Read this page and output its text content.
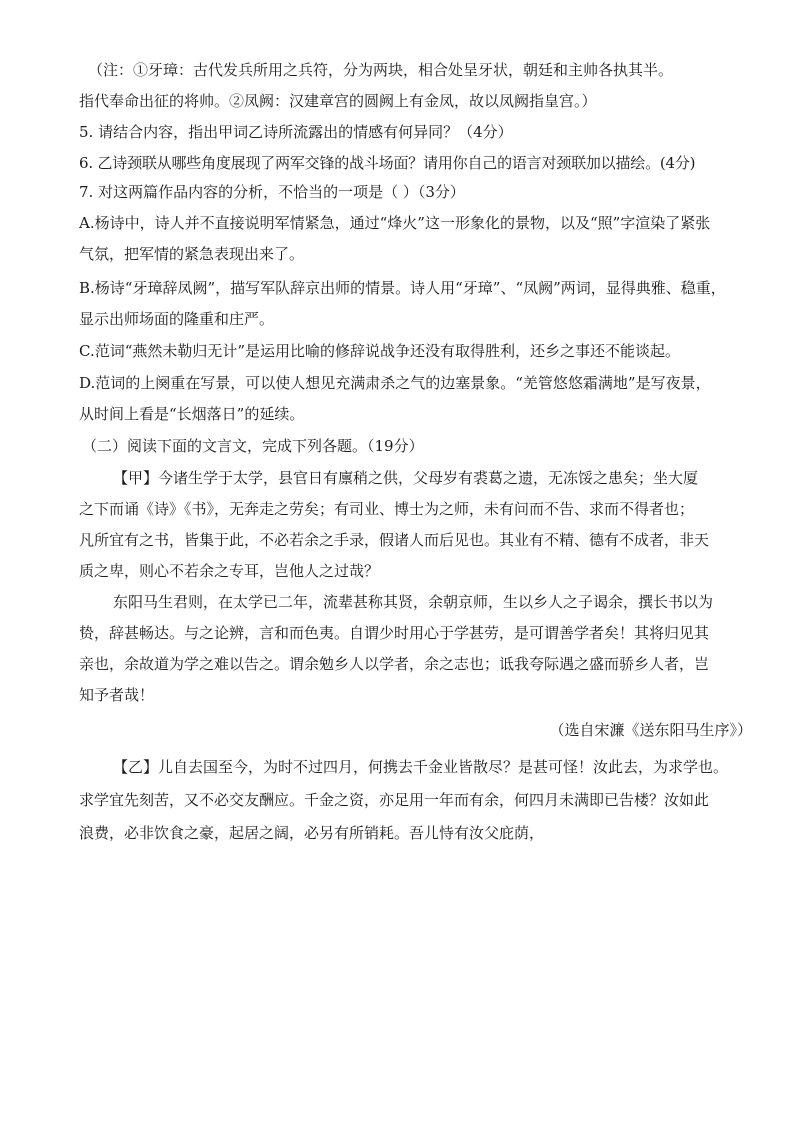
（注：①牙璋：古代发兵所用之兵符，分为两块，相合处呈牙状，朝廷和主帅各执其半。
指代奉命出征的将帅。②凤阙：汉建章宫的圆阙上有金凤，故以凤阙指皇宫。）
5. 请结合内容，指出甲词乙诗所流露出的情感有何异同？（4分）
6. 乙诗颈联从哪些角度展现了两军交锋的战斗场面？请用你自己的语言对颈联加以描绘。(4分)
7. 对这两篇作品内容的分析，不恰当的一项是（ ）（3分）
A.杨诗中，诗人并不直接说明军情紧急，通过“烽火”这一形象化的景物，以及“照”字渲染了紧张
气氛，把军情的紧急表现出来了。
B.杨诗“牙璋辞凤阙”，描写军队辞京出师的情景。诗人用“牙璋”、“凤阙”两词，显得典雅、稳重，
显示出师场面的隆重和庄严。
C.范词“燕然未勒归无计”是运用比喻的修辞说战争还没有取得胜利，还乡之事还不能谈起。
D.范词的上阕重在写景，可以使人想见充满肃杀之气的边塞景象。“羌管悠悠霜满地”是写夜景，
从时间上看是“长烟落日”的延续。
（二）阅读下面的文言文，完成下列各题。（19分）
【甲】今诸生学于太学，县官日有廪稍之供，父母岁有裘葛之遗，无冻馁之患矣；坐大厦
之下而诵《诗》《书》，无奔走之劳矣；有司业、博士为之师，未有问而不告、求而不得者也；
凡所宜有之书，皆集于此，不必若余之手录，假诸人而后见也。其业有不精、德有不成者，非天
质之卑，则心不若余之专耳，岂他人之过哉？
东阳马生君则，在太学已二年，流辈甚称其贤，余朝京师，生以乡人之子谒余，撰长书以为
贽，辞甚畅达。与之论辨，言和而色夷。自谓少时用心于学甚劳，是可谓善学者矣！其将归见其
亲也，余故道为学之难以告之。谓余勉乡人以学者，余之志也；诋我夸际遇之盛而骄乡人者，岂
知予者哉！
（选自宋濂《送东阳马生序》）
【乙】儿自去国至今，为时不过四月，何携去千金业皆散尽？是甚可怪！汝此去，为求学也。
求学宜先刻苦，又不必交友酬应。千金之资，亦足用一年而有余，何四月未满即已告楼？汝如此
浪费，必非饮食之豪，起居之阔，必另有所销耗。吾儿恃有汝父庇荫，
